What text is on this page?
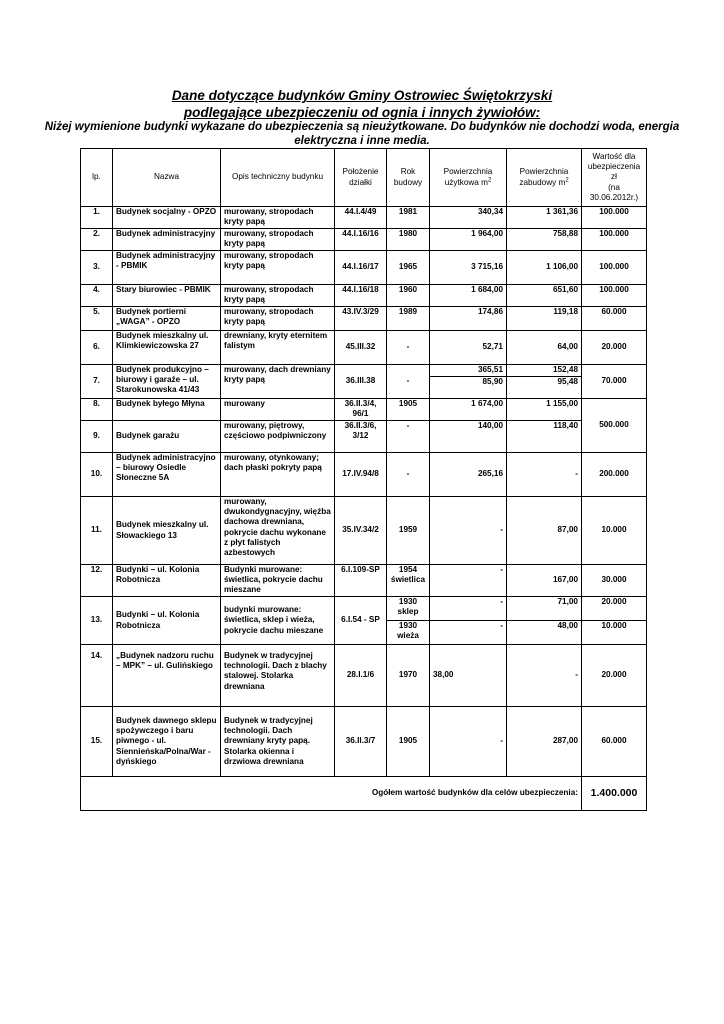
Dane dotyczące budynków Gminy Ostrowiec Świętokrzyski
podlegające ubezpieczeniu od ognia i innych żywiołów:
Niżej wymienione budynki wykazane do ubezpieczenia są nieużytkowane. Do budynków nie dochodzi woda, energia
elektryczna i inne media.
lp.	Nazwa	Opis techniczny budynku	Położenie działki	Rok budowy	Powierzchnia użytkowa $m^2$	Powierzchnia zabudowy $m^2$	Wartość dla ubezpieczenia zł
(na 30.06.2012r.)

1.	Budynek socjalny - OPZO	murowany, stropodach kryty papą	44.I.4/49	1981	340,34	1 361,36	100.000
2.	Budynek administracyjny	murowany, stropodach kryty papą	44.I.16/16	1980	1 964,00	758,88	100.000
3.	Budynek administracyjny - PBMIK	murowany, stropodach kryty papą	44.I.16/17	1965	3 715,16	1 106,00	100.000
4.	Stary biurowiec - PBMIK	murowany, stropodach kryty papą	44.I.16/18	1960	1 684,00	651,60	100.000
5.	Budynek portierni „WAGA” - OPZO	murowany, stropodach kryty papą	43.IV.3/29	1989	174,86	119,18	60.000
6.	Budynek mieszkalny ul. Klimkiewiczowska 27	drewniany, kryty eternitem falistym	45.III.32	-	52,71	64,00	20.000
7.	Budynek produkcyjno – biurowy i garaże – ul. Starokunowska 41/43	murowany, dach drewniany kryty papą	36.III.38	-	365,51	152,48	70.000
					85,90	95,48	
8.	Budynek byłego Młyna	murowany	36.II.3/4, 96/1	1905	1 674,00	1 155,00	500.000
9.	Budynek garażu	murowany, piętrowy, częściowo podpiwniczony	36.II.3/6, 3/12	-	140,00	118,40	
10.	Budynek administracyjno – biurowy Osiedle Słoneczne 5A	murowany, otynkowany; dach płaski pokryty papą	17.IV.94/8	-	265,16	-	200.000
11.	Budynek mieszkalny ul. Słowackiego 13	murowany, dwukondygnacyjny, więźba dachowa drewniana, pokrycie dachu wykonane z płyt falistych azbestowych	35.IV.34/2	1959	-	87,00	10.000
12.	Budynki – ul. Kolonia Robotnicza	Budynki murowane: świetlica, pokrycie dachu mieszane	6.I.109-SP	1954 świetlica	-	167,00	30.000
13.	Budynki – ul. Kolonia Robotnicza	budynki murowane: świetlica, sklep i wieża, pokrycie dachu mieszane	6.I.54 - SP	1930 sklep	-	71,00	20.000
				1930 wieża	-	48,00	10.000
14.	„Budynek nadzoru ruchu – MPK” – ul. Gulińskiego	Budynek w tradycyjnej technologii. Dach z blachy stalowej. Stolarka drewniana	28.I.1/6	1970	38,00	-	20.000
15.	Budynek dawnego sklepu spożywczego i baru piwnego - ul. Siennieńska/Polna/War -dyńskiego	Budynek w tradycyjnej technologii. Dach drewniany kryty papą. Stolarka okienna i drzwiowa drewniana	36.II.3/7	1905	-	287,00	60.000
Ogółem wartość budynków dla celów ubezpieczenia:							1.400.000
